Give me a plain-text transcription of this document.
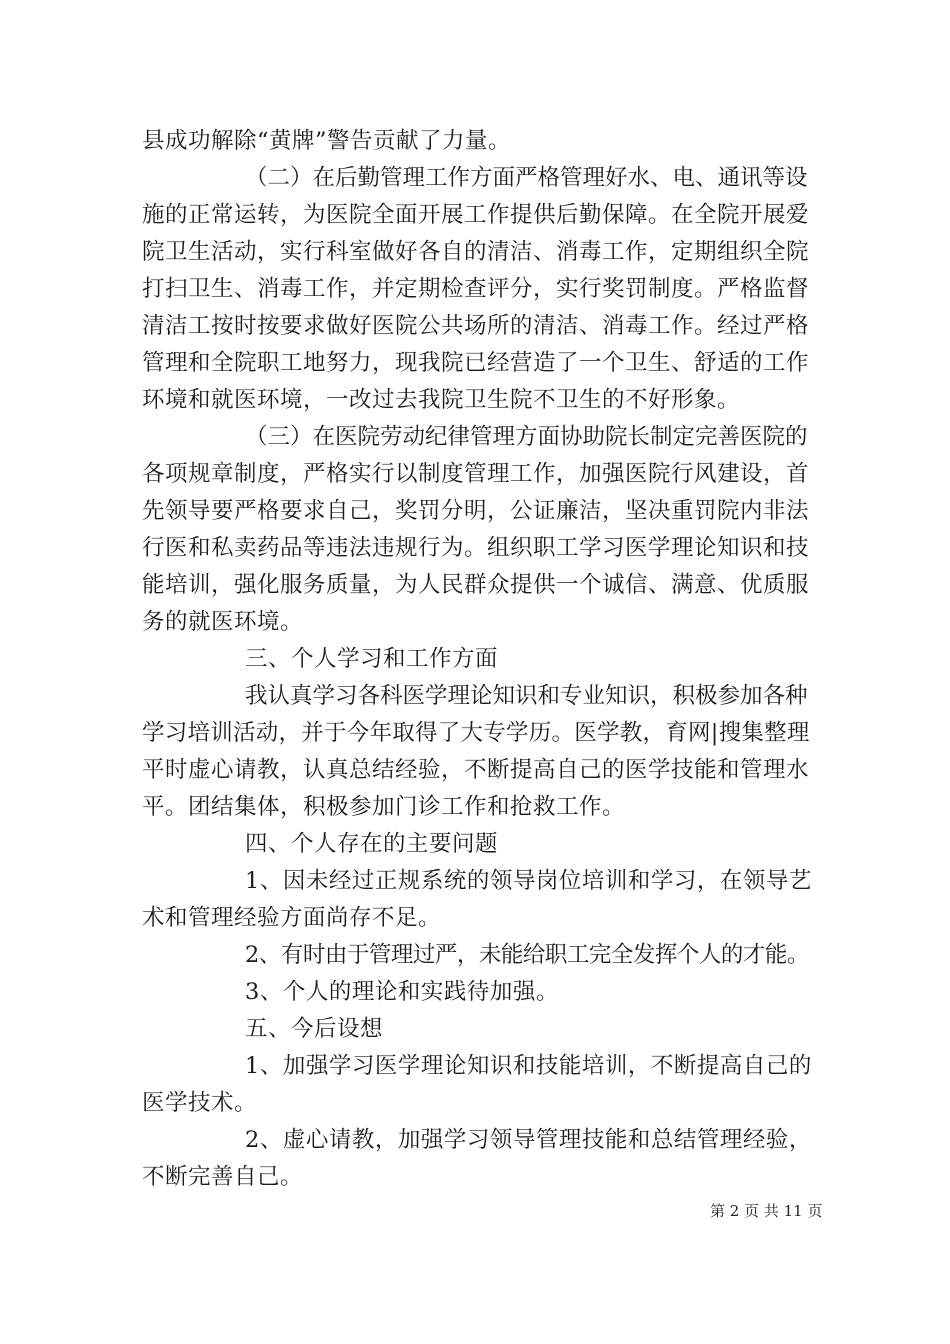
县成功解除“黄牌”警告贡献了力量。
（二）在后勤管理工作方面严格管理好水、电、通讯等设
施的正常运转，为医院全面开展工作提供后勤保障。在全院开展爱
院卫生活动，实行科室做好各自的清洁、消毒工作，定期组织全院
打扫卫生、消毒工作，并定期检查评分，实行奖罚制度。严格监督
清洁工按时按要求做好医院公共场所的清洁、消毒工作。经过严格
管理和全院职工地努力，现我院已经营造了一个卫生、舒适的工作
环境和就医环境，一改过去我院卫生院不卫生的不好形象。
（三）在医院劳动纪律管理方面协助院长制定完善医院的
各项规章制度，严格实行以制度管理工作，加强医院行风建设，首
先领导要严格要求自己，奖罚分明，公证廉洁，坚决重罚院内非法
行医和私卖药品等违法违规行为。组织职工学习医学理论知识和技
能培训，强化服务质量，为人民群众提供一个诚信、满意、优质服
务的就医环境。
三、个人学习和工作方面
我认真学习各科医学理论知识和专业知识，积极参加各种
学习培训活动，并于今年取得了大专学历。医学教，育网|搜集整理
平时虚心请教，认真总结经验，不断提高自己的医学技能和管理水
平。团结集体，积极参加门诊工作和抢救工作。
四、个人存在的主要问题
1、因未经过正规系统的领导岗位培训和学习，在领导艺
术和管理经验方面尚存不足。
2、有时由于管理过严，未能给职工完全发挥个人的才能。
3、个人的理论和实践待加强。
五、今后设想
1、加强学习医学理论知识和技能培训，不断提高自己的
医学技术。
2、虚心请教，加强学习领导管理技能和总结管理经验，
不断完善自己。
第 2 页 共 11 页
